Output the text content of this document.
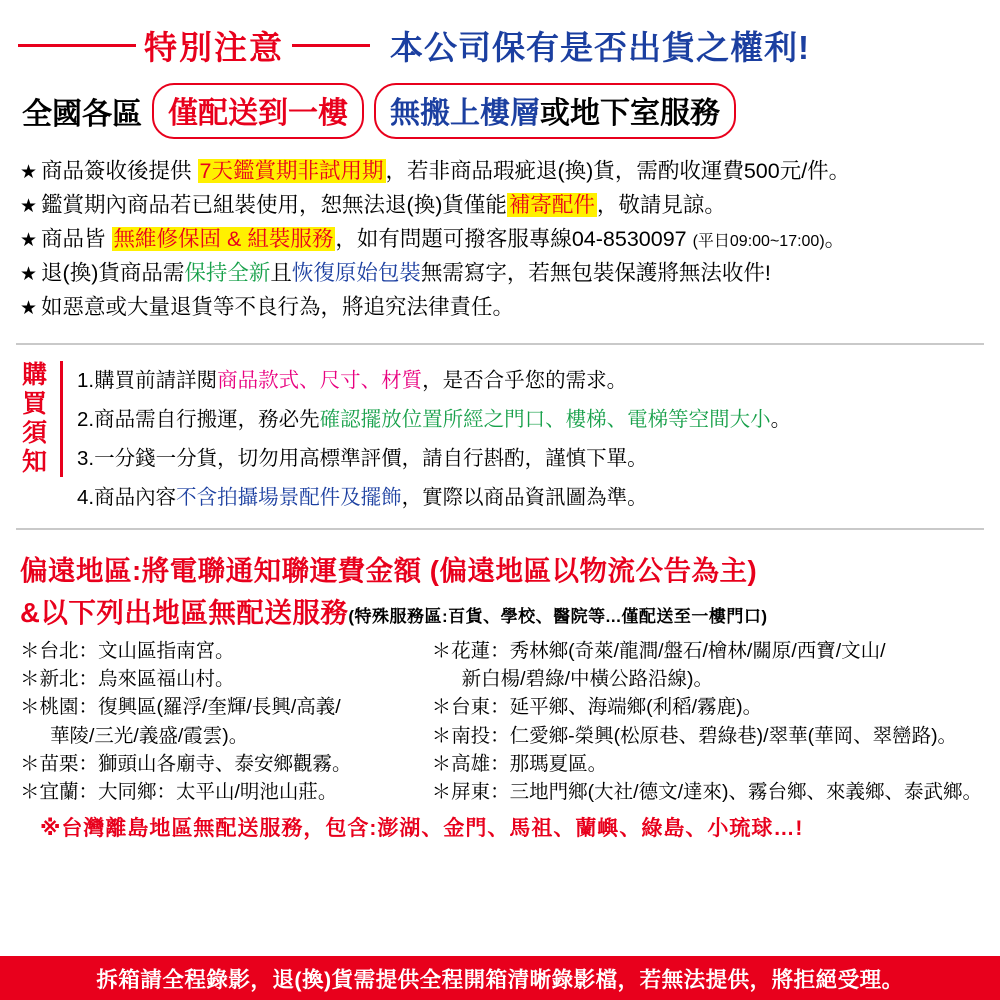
特別注意	本公司保有是否出貨之權利!
全國各區 僅配送到一樓	無搬上樓層或地下室服務
★ 商品簽收後提供 7天鑑賞期非試用期，若非商品瑕疵退(換)貨，需酌收運費500元/件。
★ 鑑賞期內商品若已組裝使用，恕無法退(換)貨僅能補寄配件，敬請見諒。
★ 商品皆 無維修保固 & 組裝服務，如有問題可撥客服專線04-8530097 (平日09:00~17:00)。
★ 退(換)貨商品需保持全新且恢復原始包裝無需寫字，若無包裝保護將無法收件!
★ 如惡意或大量退貨等不良行為，將追究法律責任。
購
買
須
知
1.購買前請詳閱商品款式、尺寸、材質，是否合乎您的需求。
2.商品需自行搬運，務必先確認擺放位置所經之門口、樓梯、電梯等空間大小。
3.一分錢一分貨，切勿用高標準評價，請自行斟酌，謹慎下單。
4.商品內容不含拍攝場景配件及擺飾，實際以商品資訊圖為準。
偏遠地區:將電聯通知聯運費金額 (偏遠地區以物流公告為主)
&以下列出地區無配送服務(特殊服務區:百貨、學校、醫院等...僅配送至一樓門口)
＊台北：文山區指南宮。
＊新北：烏來區福山村。
＊桃園：復興區(羅浮/奎輝/長興/高義/
華陵/三光/義盛/霞雲)。
＊苗栗：獅頭山各廟寺、泰安鄉觀霧。
＊宜蘭：大同鄉：太平山/明池山莊。
＊花蓮：秀林鄉(奇萊/龍澗/盤石/檜林/關原/西寶/文山/
新白楊/碧綠/中橫公路沿線)。
＊台東：延平鄉、海端鄉(利稻/霧鹿)。
＊南投：仁愛鄉-榮興(松原巷、碧綠巷)/翠華(華岡、翠巒路)。
＊高雄：那瑪夏區。
＊屏東：三地門鄉(大社/德文/達來)、霧台鄉、來義鄉、泰武鄉。
※台灣離島地區無配送服務，包含:澎湖、金門、馬祖、蘭嶼、綠島、小琉球…!
拆箱請全程錄影，退(換)貨需提供全程開箱清晰錄影檔，若無法提供，將拒絕受理。
